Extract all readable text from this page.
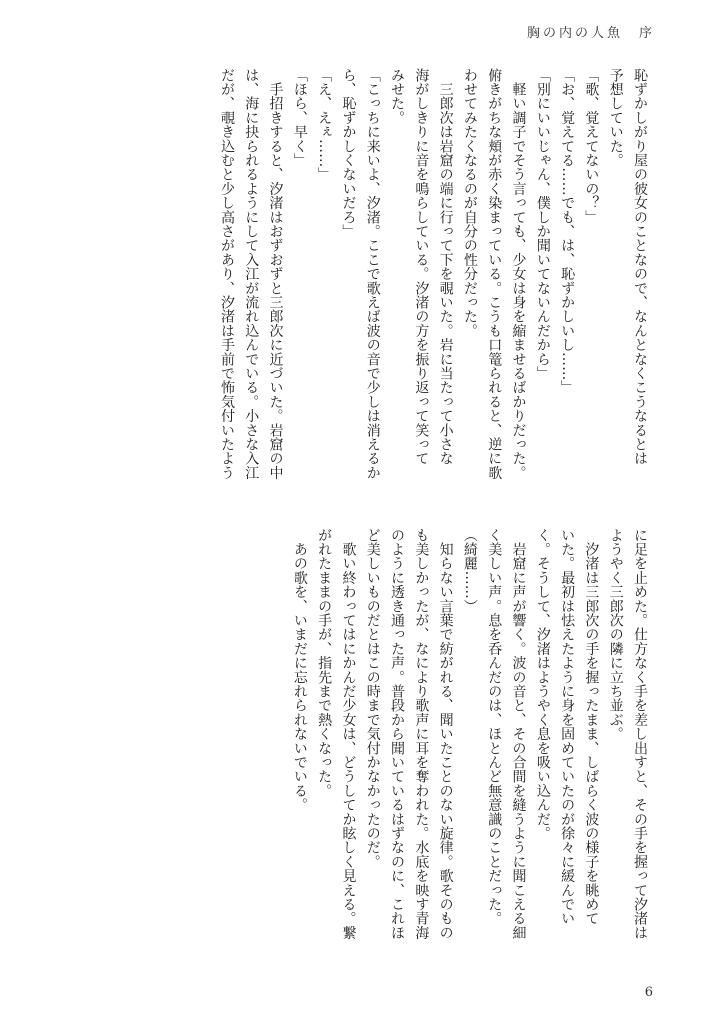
胸の内の人魚　序
恥ずかしがり屋の彼女のことなので、なんとなくこうなるとは
予想していた。
「歌、覚えてないの？」
「お、覚えてる……でも、は、恥ずかしいし……」
「別にいいじゃん、僕しか聞いてないんだから」
　軽い調子でそう言っても、少女は身を縮ませるばかりだった。
俯きがちな頬が赤く染まっている。こうも口篭られると、逆に歌
わせてみたくなるのが自分の性分だった。
　三郎次は岩窟の端に行って下を覗いた。岩に当たって小さな
海がしきりに音を鳴らしている。汐渚の方を振り返って笑って
みせた。
「こっちに来いよ、汐渚。ここで歌えば波の音で少しは消えるか
ら、恥ずかしくないだろ」
「え、えぇ……」
「ほら、早く」
　手招きすると、汐渚はおずおずと三郎次に近づいた。岩窟の中
は、海に抉られるようにして入江が流れ込んでいる。小さな入江
だが、覗き込むと少し高さがあり、汐渚は手前で怖気付いたよう
に足を止めた。仕方なく手を差し出すと、その手を握って汐渚は
ようやく三郎次の隣に立ち並ぶ。
　汐渚は三郎次の手を握ったまま、しばらく波の様子を眺めて
いた。最初は怯えたように身を固めていたのが徐々に緩んでい
く。そうして、汐渚はようやく息を吸い込んだ。
　岩窟に声が響く。波の音と、その合間を縫うように聞こえる細
く美しい声。息を呑んだのは、ほとんど無意識のことだった。
（綺麗……）
　知らない言葉で紡がれる、聞いたことのない旋律。歌そのもの
も美しかったが、なにより歌声に耳を奪われた。水底を映す青海
のように透き通った声。普段から聞いているはずなのに、これほ
ど美しいものだとはこの時まで気付かなかったのだ。
　歌い終わってはにかんだ少女は、どうしてか眩しく見える。繋
がれたままの手が、指先まで熱くなった。
　あの歌を、いまだに忘れられないでいる。
6
